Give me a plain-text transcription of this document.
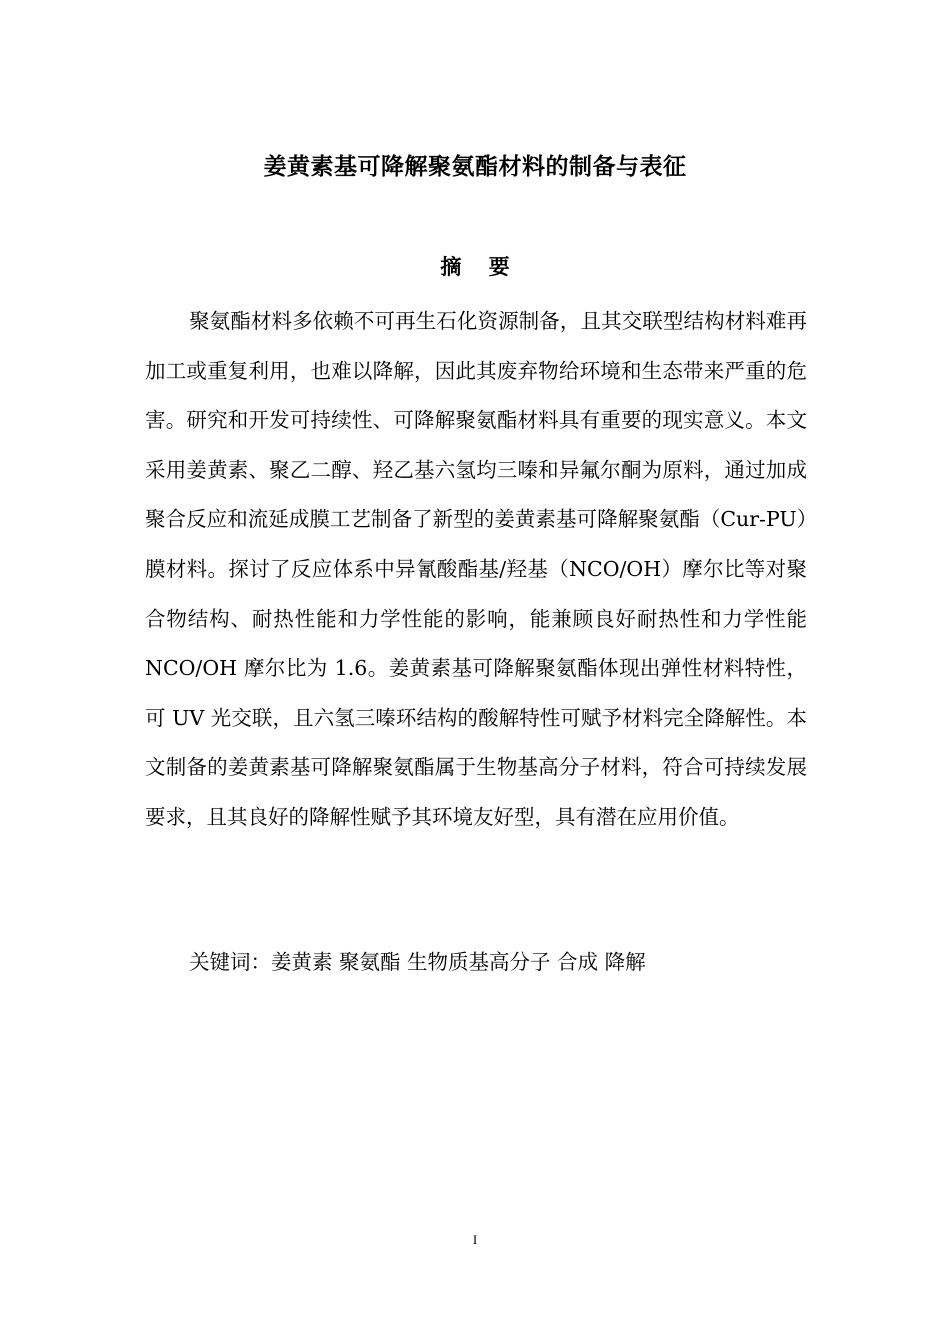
姜黄素基可降解聚氨酯材料的制备与表征
摘 要

聚氨酯材料多依赖不可再生石化资源制备，且其交联型结构材料难再加工或重复利用，也难以降解，因此其废弃物给环境和生态带来严重的危害。研究和开发可持续性、可降解聚氨酯材料具有重要的现实意义。本文采用姜黄素、聚乙二醇、羟乙基六氢均三嗪和异氟尔酮为原料，通过加成聚合反应和流延成膜工艺制备了新型的姜黄素基可降解聚氨酯（Cur-PU）膜材料。探讨了反应体系中异氰酸酯基/羟基（NCO/OH）摩尔比等对聚合物结构、耐热性能和力学性能的影响，能兼顾良好耐热性和力学性能 NCO/OH 摩尔比为 1.6。姜黄素基可降解聚氨酯体现出弹性材料特性，可 UV 光交联，且六氢三嗪环结构的酸解特性可赋予材料完全降解性。本文制备的姜黄素基可降解聚氨酯属于生物基高分子材料，符合可持续发展要求，且其良好的降解性赋予其环境友好型，具有潜在应用价值。

关键词：姜黄素 聚氨酯 生物质基高分子 合成 降解
I
